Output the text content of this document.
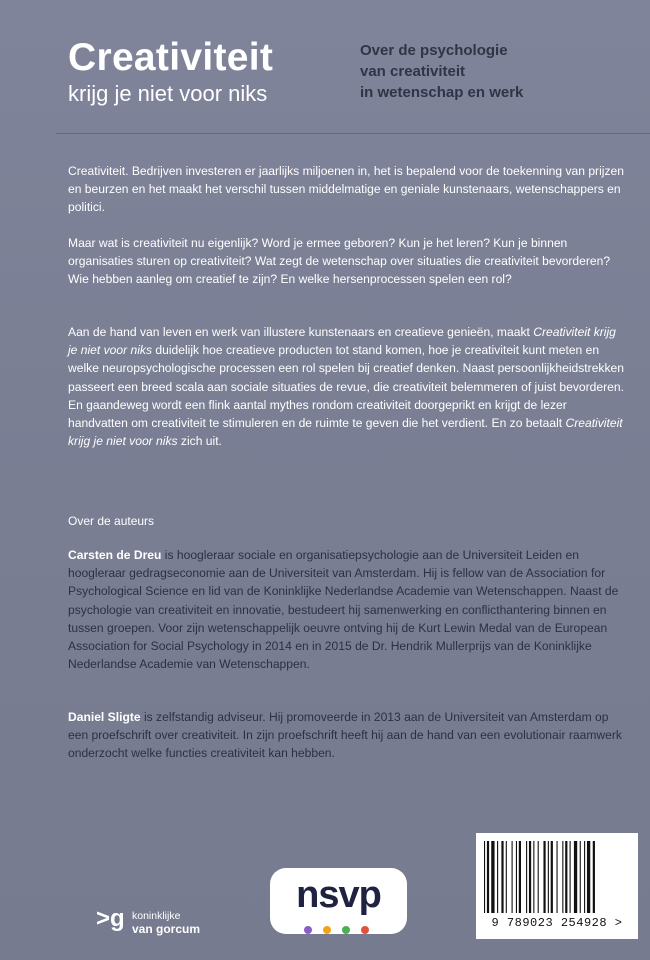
Creativiteit
krijg je niet voor niks
Over de psychologie
van creativiteit
in wetenschap en werk
Creativiteit. Bedrijven investeren er jaarlijks miljoenen in, het is bepalend voor de toekenning van prijzen en beurzen en het maakt het verschil tussen middelmatige en geniale kunstenaars, wetenschappers en politici.
Maar wat is creativiteit nu eigenlijk? Word je ermee geboren? Kun je het leren? Kun je binnen organisaties sturen op creativiteit? Wat zegt de wetenschap over situaties die creativiteit bevorderen? Wie hebben aanleg om creatief te zijn? En welke hersenprocessen spelen een rol?
Aan de hand van leven en werk van illustere kunstenaars en creatieve genieën, maakt Creativiteit krijg je niet voor niks duidelijk hoe creatieve producten tot stand komen, hoe je creativiteit kunt meten en welke neuropsychologische processen een rol spelen bij creatief denken. Naast persoonlijkheidstrekken passeert een breed scala aan sociale situaties de revue, die creativiteit belemmeren of juist bevorderen. En gaandeweg wordt een flink aantal mythes rondom creativiteit doorgeprikt en krijgt de lezer handvatten om creativiteit te stimuleren en de ruimte te geven die het verdient. En zo betaalt Creativiteit krijg je niet voor niks zich uit.
Over de auteurs
Carsten de Dreu is hoogleraar sociale en organisatiepsychologie aan de Universiteit Leiden en hoogleraar gedragseconomie aan de Universiteit van Amsterdam. Hij is fellow van de Association for Psychological Science en lid van de Koninklijke Nederlandse Academie van Wetenschappen. Naast de psychologie van creativiteit en innovatie, bestudeert hij samenwerking en conflicthantering binnen en tussen groepen. Voor zijn wetenschappelijk oeuvre ontving hij de Kurt Lewin Medal van de European Association for Social Psychology in 2014 en in 2015 de Dr. Hendrik Mullerprijs van de Koninklijke Nederlandse Academie van Wetenschappen.
Daniel Sligte is zelfstandig adviseur. Hij promoveerde in 2013 aan de Universiteit van Amsterdam op een proefschrift over creativiteit. In zijn proefschrift heeft hij aan de hand van een evolutionair raamwerk onderzocht welke functies creativiteit kan hebben.
>g koninklijke
van gorcum
nsvp
9 789023 254928 >
